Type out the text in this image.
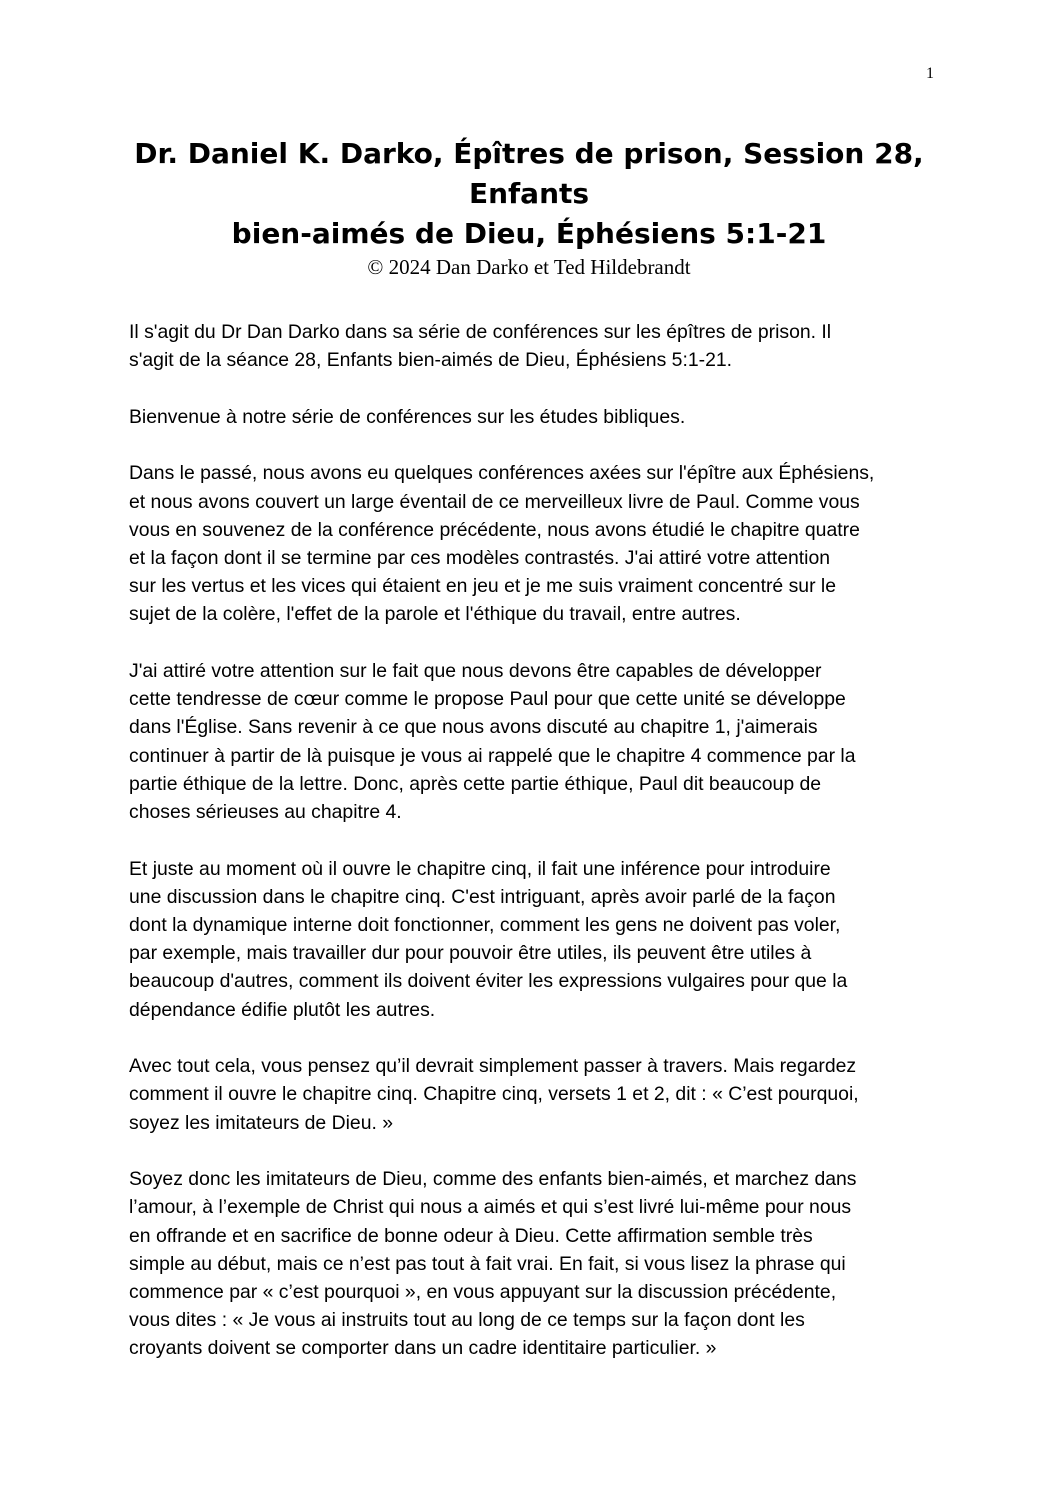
1
Dr. Daniel K. Darko, Épîtres de prison, Session 28,
Enfants
bien-aimés de Dieu, Éphésiens 5:1-21
© 2024 Dan Darko et Ted Hildebrandt

Il s'agit du Dr Dan Darko dans sa série de conférences sur les épîtres de prison. Il
s'agit de la séance 28, Enfants bien-aimés de Dieu, Éphésiens 5:1-21.

Bienvenue à notre série de conférences sur les études bibliques.

Dans le passé, nous avons eu quelques conférences axées sur l'épître aux Éphésiens,
et nous avons couvert un large éventail de ce merveilleux livre de Paul. Comme vous
vous en souvenez de la conférence précédente, nous avons étudié le chapitre quatre
et la façon dont il se termine par ces modèles contrastés. J'ai attiré votre attention
sur les vertus et les vices qui étaient en jeu et je me suis vraiment concentré sur le
sujet de la colère, l'effet de la parole et l'éthique du travail, entre autres.

J'ai attiré votre attention sur le fait que nous devons être capables de développer
cette tendresse de cœur comme le propose Paul pour que cette unité se développe
dans l'Église. Sans revenir à ce que nous avons discuté au chapitre 1, j'aimerais
continuer à partir de là puisque je vous ai rappelé que le chapitre 4 commence par la
partie éthique de la lettre. Donc, après cette partie éthique, Paul dit beaucoup de
choses sérieuses au chapitre 4.

Et juste au moment où il ouvre le chapitre cinq, il fait une inférence pour introduire
une discussion dans le chapitre cinq. C'est intriguant, après avoir parlé de la façon
dont la dynamique interne doit fonctionner, comment les gens ne doivent pas voler,
par exemple, mais travailler dur pour pouvoir être utiles, ils peuvent être utiles à
beaucoup d'autres, comment ils doivent éviter les expressions vulgaires pour que la
dépendance édifie plutôt les autres.

Avec tout cela, vous pensez qu’il devrait simplement passer à travers. Mais regardez
comment il ouvre le chapitre cinq. Chapitre cinq, versets 1 et 2, dit : « C’est pourquoi,
soyez les imitateurs de Dieu. »

Soyez donc les imitateurs de Dieu, comme des enfants bien-aimés, et marchez dans
l’amour, à l’exemple de Christ qui nous a aimés et qui s’est livré lui-même pour nous
en offrande et en sacrifice de bonne odeur à Dieu. Cette affirmation semble très
simple au début, mais ce n’est pas tout à fait vrai. En fait, si vous lisez la phrase qui
commence par « c’est pourquoi », en vous appuyant sur la discussion précédente,
vous dites : « Je vous ai instruits tout au long de ce temps sur la façon dont les
croyants doivent se comporter dans un cadre identitaire particulier. »
